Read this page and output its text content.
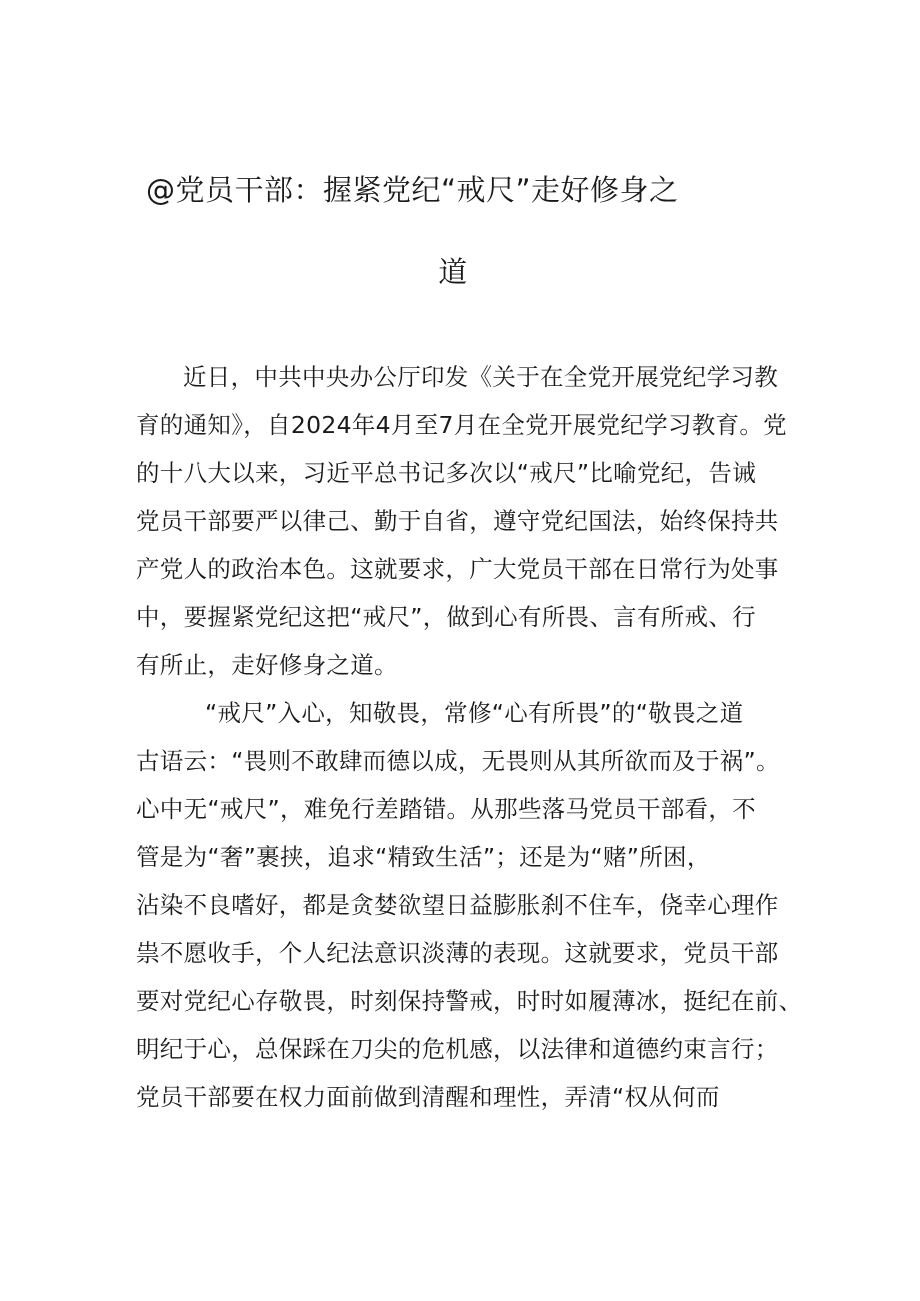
@党员干部：握紧党纪“戒尺”走好修身之
道
近日，中共中央办公厅印发《关于在全党开展党纪学习教
育的通知》，自2024年4月至7月在全党开展党纪学习教育。党
的十八大以来，习近平总书记多次以“戒尺”比喻党纪，告诫
党员干部要严以律己、勤于自省，遵守党纪国法，始终保持共
产党人的政治本色。这就要求，广大党员干部在日常行为处事
中，要握紧党纪这把“戒尺”，做到心有所畏、言有所戒、行
有所止，走好修身之道。
“戒尺”入心，知敬畏，常修“心有所畏”的“敬畏之道
古语云：“畏则不敢肆而德以成，无畏则从其所欲而及于祸”。
心中无“戒尺”，难免行差踏错。从那些落马党员干部看，不
管是为“奢”裹挟，追求“精致生活”；还是为“赌”所困，
沾染不良嗜好，都是贪婪欲望日益膨胀刹不住车，侥幸心理作
祟不愿收手，个人纪法意识淡薄的表现。这就要求，党员干部
要对党纪心存敬畏，时刻保持警戒，时时如履薄冰，挺纪在前、
明纪于心，总保踩在刀尖的危机感，以法律和道德约束言行；
党员干部要在权力面前做到清醒和理性，弄清“权从何而
